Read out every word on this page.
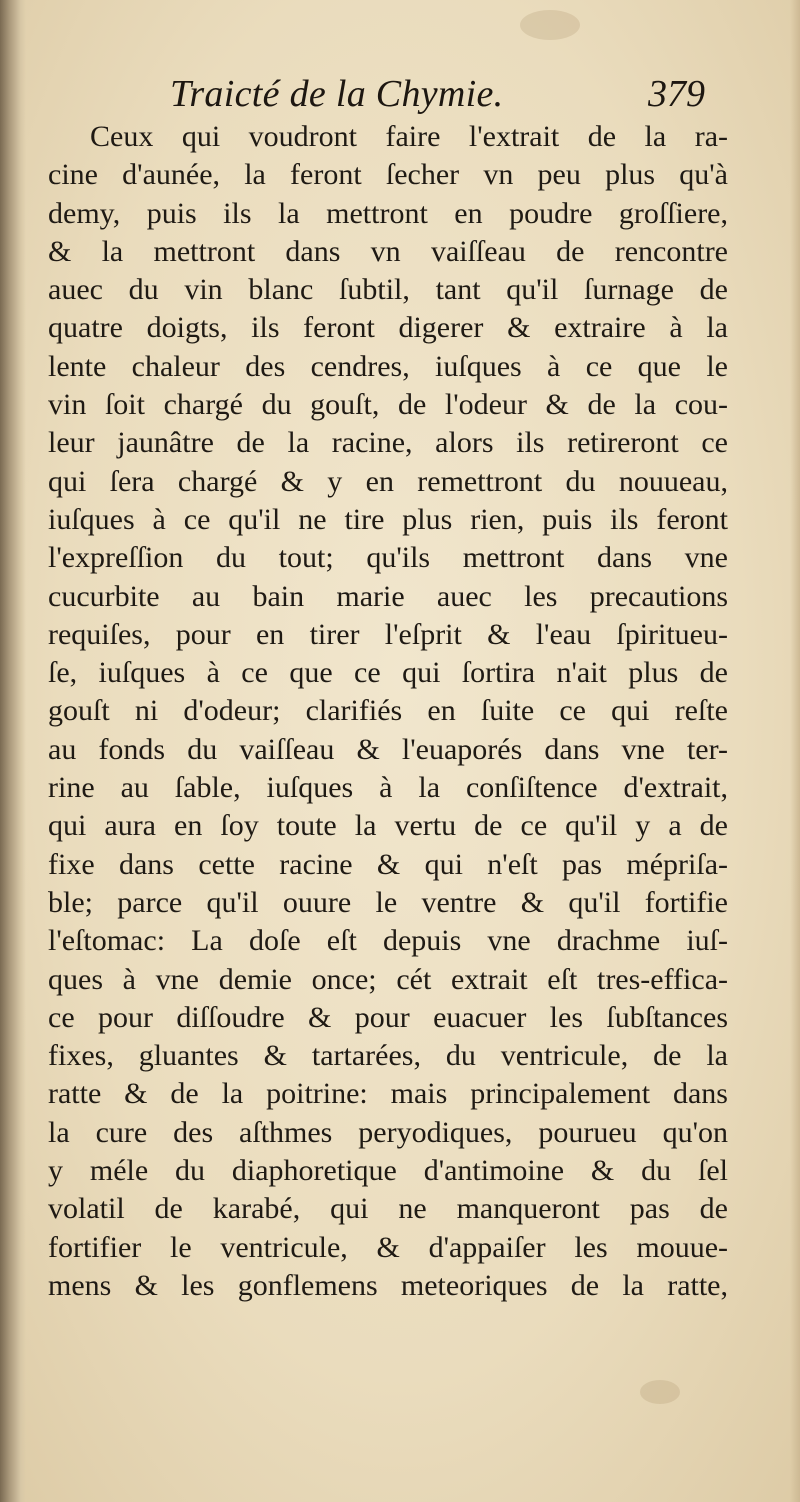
Traicté de la Chymie.	379
Ceux qui voudront faire l'extrait de la ra-
cine d'aunée, la feront ſecher vn peu plus qu'à
demy, puis ils la mettront en poudre groſſiere,
& la mettront dans vn vaiſſeau de rencontre
auec du vin blanc ſubtil, tant qu'il ſurnage de
quatre doigts, ils feront digerer & extraire à la
lente chaleur des cendres, iuſques à ce que le
vin ſoit chargé du gouſt, de l'odeur & de la cou-
leur jaunâtre de la racine, alors ils retireront ce
qui ſera chargé & y en remettront du nouueau,
iuſques à ce qu'il ne tire plus rien, puis ils feront
l'expreſſion du tout; qu'ils mettront dans vne
cucurbite au bain marie auec les precautions
requiſes, pour en tirer l'eſprit & l'eau ſpiritueu-
ſe, iuſques à ce que ce qui ſortira n'ait plus de
gouſt ni d'odeur; clarifiés en ſuite ce qui reſte
au fonds du vaiſſeau & l'euaporés dans vne ter-
rine au ſable, iuſques à la conſiſtence d'extrait,
qui aura en ſoy toute la vertu de ce qu'il y a de
fixe dans cette racine & qui n'eſt pas mépriſa-
ble; parce qu'il ouure le ventre & qu'il fortifie
l'eſtomac: La doſe eſt depuis vne drachme iuſ-
ques à vne demie once; cét extrait eſt tres-effica-
ce pour diſſoudre & pour euacuer les ſubſtances
fixes, gluantes & tartarées, du ventricule, de la
ratte & de la poitrine: mais principalement dans
la cure des aſthmes peryodiques, pourueu qu'on
y méle du diaphoretique d'antimoine & du ſel
volatil de karabé, qui ne manqueront pas de
fortifier le ventricule, & d'appaiſer les mouue-
mens & les gonflemens meteoriques de la ratte,
